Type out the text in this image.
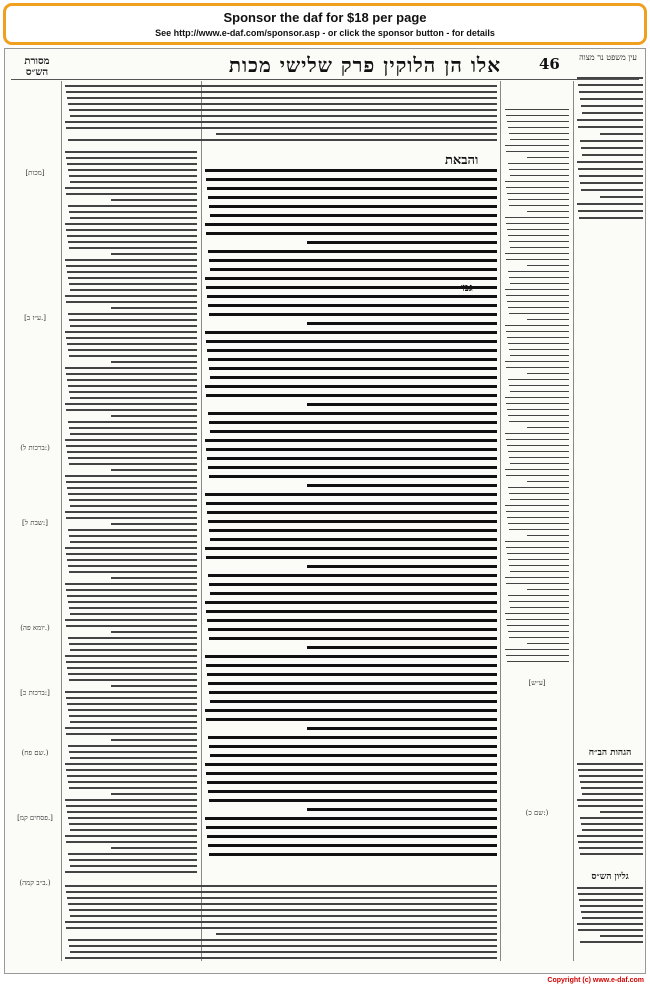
Sponsor the daf for $18 per page
See http://www.e-daf.com/sponsor.asp - or click the sponsor button - for details
מסורת הש״ס	אלו הן הלוקין פרק שלישי מכות	46	עין משפט נר מצוה
[מכות]
[ע״ז ב.]
(ברכות ל:)
[שבת ל:]
(יומא פה.)
[ברכות כ:]
(שם פח.)
[פסחים קמ.]
(ב״ב קמה.)
[ע״ש]
(שם כ:)
והבאת
הגהות הב״ח
גליון הש״ס
Copyright (c) www.e-daf.com
